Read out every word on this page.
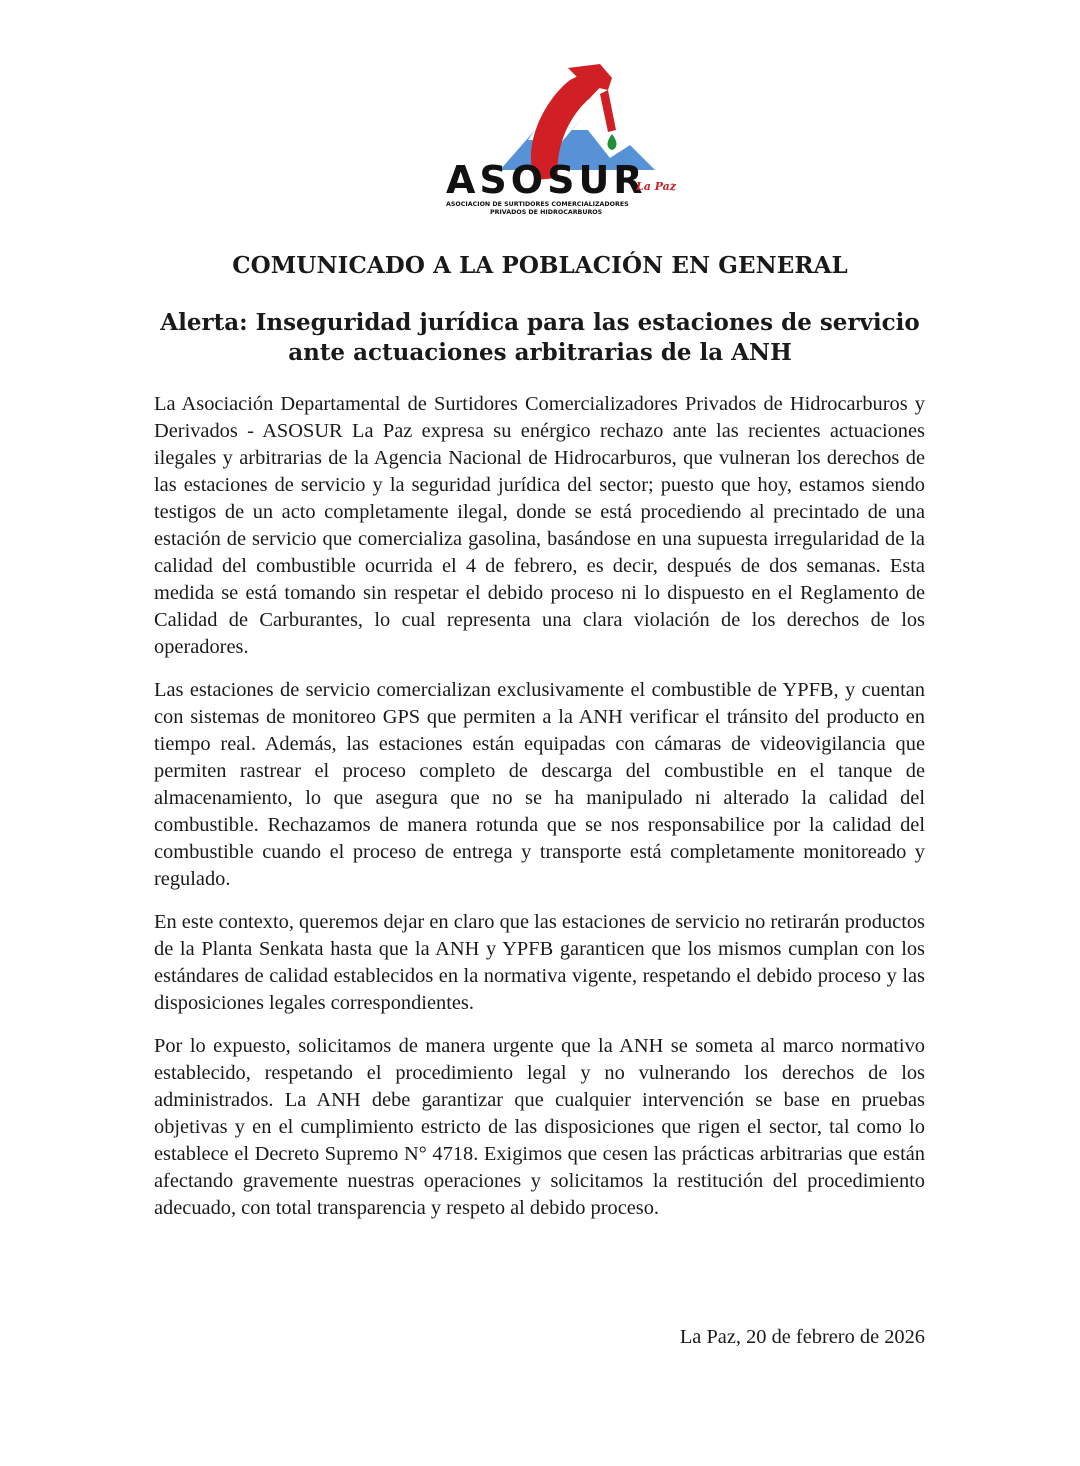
ASOSUR
La Paz
ASOCIACION DE SURTIDORES COMERCIALIZADORES
PRIVADOS DE HIDROCARBUROS
COMUNICADO A LA POBLACIÓN EN GENERAL
Alerta: Inseguridad jurídica para las estaciones de servicio ante actuaciones arbitrarias de la ANH

La Asociación Departamental de Surtidores Comercializadores Privados de Hidrocarburos y Derivados - ASOSUR La Paz expresa su enérgico rechazo ante las recientes actuaciones ilegales y arbitrarias de la Agencia Nacional de Hidrocarburos, que vulneran los derechos de las estaciones de servicio y la seguridad jurídica del sector; puesto que hoy, estamos siendo testigos de un acto completamente ilegal, donde se está procediendo al precintado de una estación de servicio que comercializa gasolina, basándose en una supuesta irregularidad de la calidad del combustible ocurrida el 4 de febrero, es decir, después de dos semanas. Esta medida se está tomando sin respetar el debido proceso ni lo dispuesto en el Reglamento de Calidad de Carburantes, lo cual representa una clara violación de los derechos de los operadores.

Las estaciones de servicio comercializan exclusivamente el combustible de YPFB, y cuentan con sistemas de monitoreo GPS que permiten a la ANH verificar el tránsito del producto en tiempo real. Además, las estaciones están equipadas con cámaras de videovigilancia que permiten rastrear el proceso completo de descarga del combustible en el tanque de almacenamiento, lo que asegura que no se ha manipulado ni alterado la calidad del combustible. Rechazamos de manera rotunda que se nos responsabilice por la calidad del combustible cuando el proceso de entrega y transporte está completamente monitoreado y regulado.

En este contexto, queremos dejar en claro que las estaciones de servicio no retirarán productos de la Planta Senkata hasta que la ANH y YPFB garanticen que los mismos cumplan con los estándares de calidad establecidos en la normativa vigente, respetando el debido proceso y las disposiciones legales correspondientes.

Por lo expuesto, solicitamos de manera urgente que la ANH se someta al marco normativo establecido, respetando el procedimiento legal y no vulnerando los derechos de los administrados. La ANH debe garantizar que cualquier intervención se base en pruebas objetivas y en el cumplimiento estricto de las disposiciones que rigen el sector, tal como lo establece el Decreto Supremo N° 4718. Exigimos que cesen las prácticas arbitrarias que están afectando gravemente nuestras operaciones y solicitamos la restitución del procedimiento adecuado, con total transparencia y respeto al debido proceso.

La Paz, 20 de febrero de 2026
